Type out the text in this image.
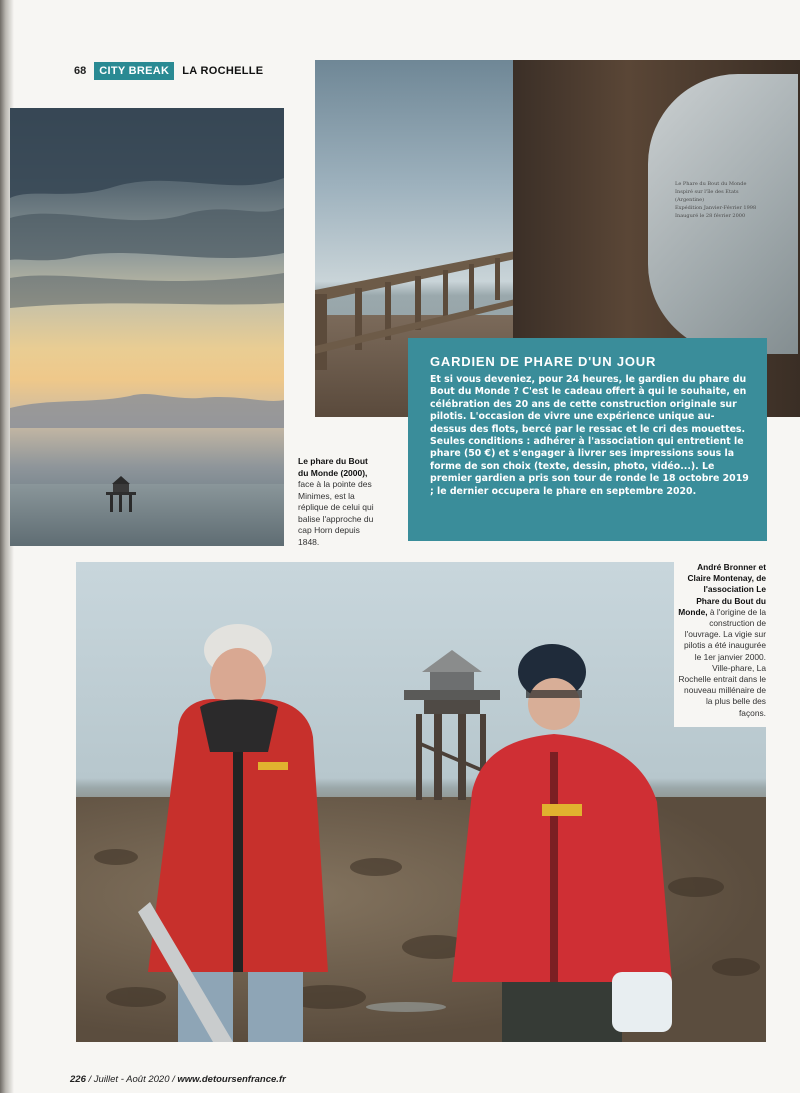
68	CITY BREAK	LA ROCHELLE
Le phare du Bout du Monde (2000), face à la pointe des Minimes, est la réplique de celui qui balise l'approche du cap Horn depuis 1848.
Le Phare du Bout du Monde
Inspiré sur l'île des Etats (Argentine)
Expédition Janvier-Février 1998
Inauguré le 28 février 2000
GARDIEN DE PHARE D'UN JOUR

Et si vous deveniez, pour 24 heures, le gardien du phare du Bout du Monde ? C'est le cadeau offert à qui le souhaite, en célébration des 20 ans de cette construction originale sur pilotis. L'occasion de vivre une expérience unique au-dessus des flots, bercé par le ressac et le cri des mouettes. Seules conditions : adhérer à l'association qui entretient le phare (50 €) et s'engager à livrer ses impressions sous la forme de son choix (texte, dessin, photo, vidéo...). Le premier gardien a pris son tour de ronde le 18 octobre 2019 ; le dernier occupera le phare en septembre 2020.

André Bronner et Claire Montenay, de l'association Le Phare du Bout du Monde, à l'origine de la construction de l'ouvrage. La vigie sur pilotis a été inaugurée le 1er janvier 2000. Ville-phare, La Rochelle entrait dans le nouveau millénaire de la plus belle des façons.
226 / Juillet - Août 2020 / www.detoursenfrance.fr
